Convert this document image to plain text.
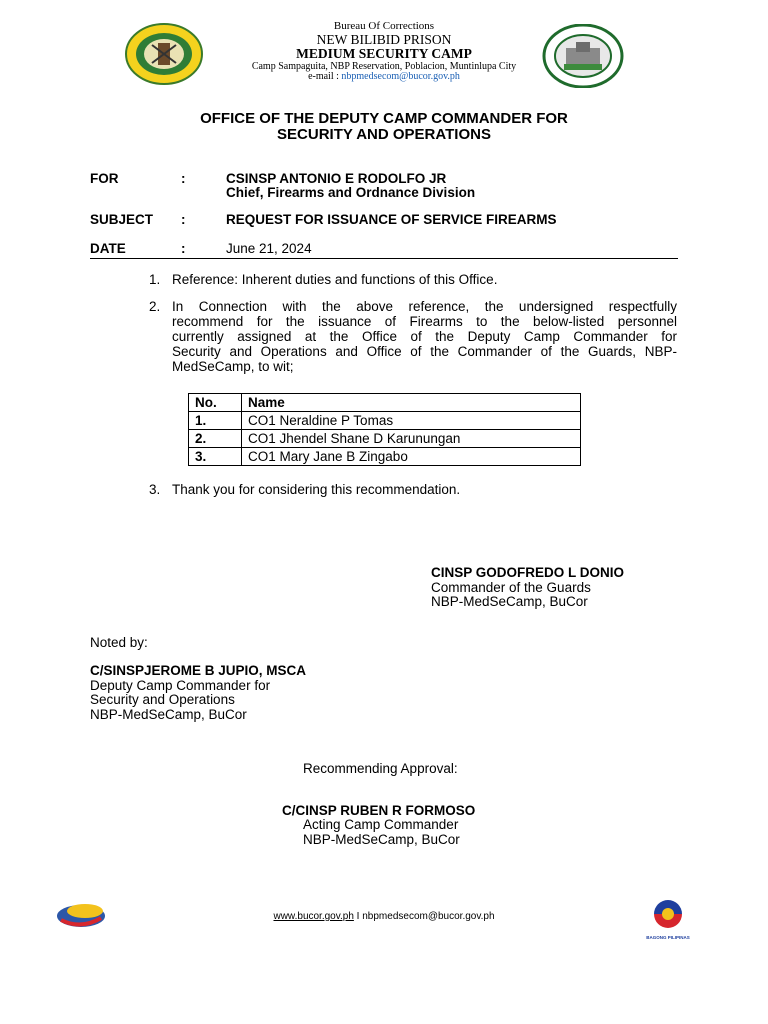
Bureau Of Corrections
NEW BILIBID PRISON
MEDIUM SECURITY CAMP
Camp Sampaguita, NBP Reservation, Poblacion, Muntinlupa City
e-mail : nbpmedsecom@bucor.gov.ph
OFFICE OF THE DEPUTY CAMP COMMANDER FOR
SECURITY AND OPERATIONS
FOR	:	CSINSP ANTONIO E RODOLFO JR
Chief, Firearms and Ordnance Division
SUBJECT :	REQUEST FOR ISSUANCE OF SERVICE FIREARMS
DATE	:	June 21, 2024
1. Reference: Inherent duties and functions of this Office.
2. In Connection with the above reference, the undersigned respectfully
recommend for the issuance of Firearms to the below-listed personnel
currently assigned at the Office of the Deputy Camp Commander for
Security and Operations and Office of the Commander of the Guards, NBP-
MedSeCamp, to wit;
No.	Name
1.	CO1 Neraldine P Tomas
2.	CO1 Jhendel Shane D Karunungan
3.	CO1 Mary Jane B Zingabo
3. Thank you for considering this recommendation.
CINSP GODOFREDO L DONIO
Commander of the Guards
NBP-MedSeCamp, BuCor
Noted by:
C/SINSPJEROME B JUPIO, MSCA
Deputy Camp Commander for
Security and Operations
NBP-MedSeCamp, BuCor
Recommending Approval:
C/CINSP RUBEN R FORMOSO
Acting Camp Commander
NBP-MedSeCamp, BuCor
www.bucor.gov.ph I nbpmedsecom@bucor.gov.ph
BAGONG PILIPINAS
